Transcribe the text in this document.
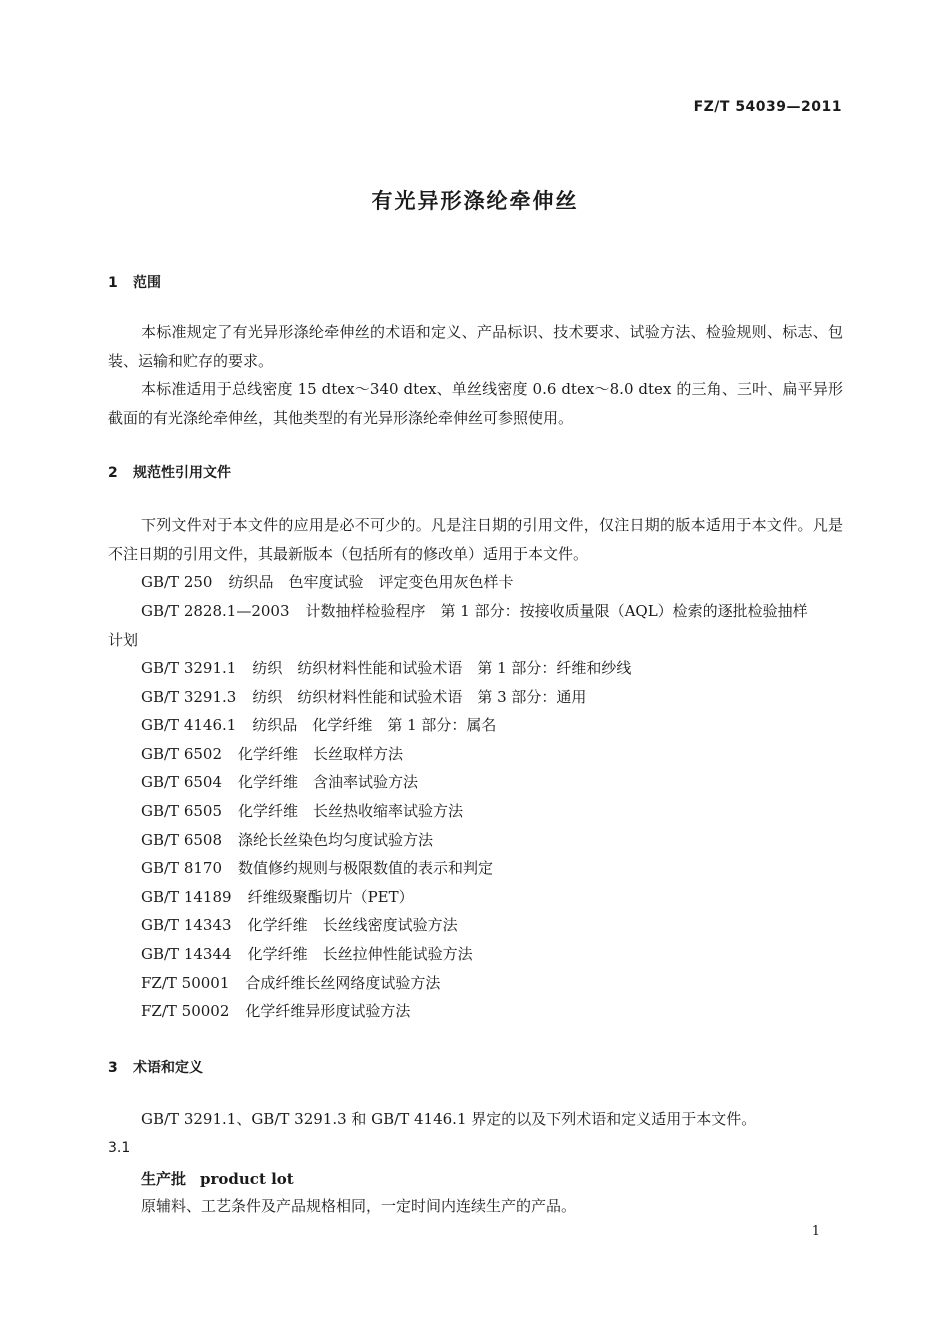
FZ/T 54039—2011
有光异形涤纶牵伸丝
1 范围
本标准规定了有光异形涤纶牵伸丝的术语和定义、产品标识、技术要求、试验方法、检验规则、标志、包装、运输和贮存的要求。
本标准适用于总线密度 15 dtex～340 dtex、单丝线密度 0.6 dtex～8.0 dtex 的三角、三叶、扁平异形截面的有光涤纶牵伸丝，其他类型的有光异形涤纶牵伸丝可参照使用。
2 规范性引用文件
下列文件对于本文件的应用是必不可少的。凡是注日期的引用文件，仅注日期的版本适用于本文件。凡是不注日期的引用文件，其最新版本（包括所有的修改单）适用于本文件。
GB/T 250 纺织品　色牢度试验　评定变色用灰色样卡
GB/T 2828.1—2003 计数抽样检验程序　第 1 部分：按接收质量限（AQL）检索的逐批检验抽样
计划
GB/T 3291.1 纺织　纺织材料性能和试验术语　第 1 部分：纤维和纱线
GB/T 3291.3 纺织　纺织材料性能和试验术语　第 3 部分：通用
GB/T 4146.1 纺织品　化学纤维　第 1 部分：属名
GB/T 6502 化学纤维　长丝取样方法
GB/T 6504 化学纤维　含油率试验方法
GB/T 6505 化学纤维　长丝热收缩率试验方法
GB/T 6508 涤纶长丝染色均匀度试验方法
GB/T 8170 数值修约规则与极限数值的表示和判定
GB/T 14189 纤维级聚酯切片（PET）
GB/T 14343 化学纤维　长丝线密度试验方法
GB/T 14344 化学纤维　长丝拉伸性能试验方法
FZ/T 50001 合成纤维长丝网络度试验方法
FZ/T 50002 化学纤维异形度试验方法
3 术语和定义
GB/T 3291.1、GB/T 3291.3 和 GB/T 4146.1 界定的以及下列术语和定义适用于本文件。
3.1
生产批 product lot
原辅料、工艺条件及产品规格相同，一定时间内连续生产的产品。
1
